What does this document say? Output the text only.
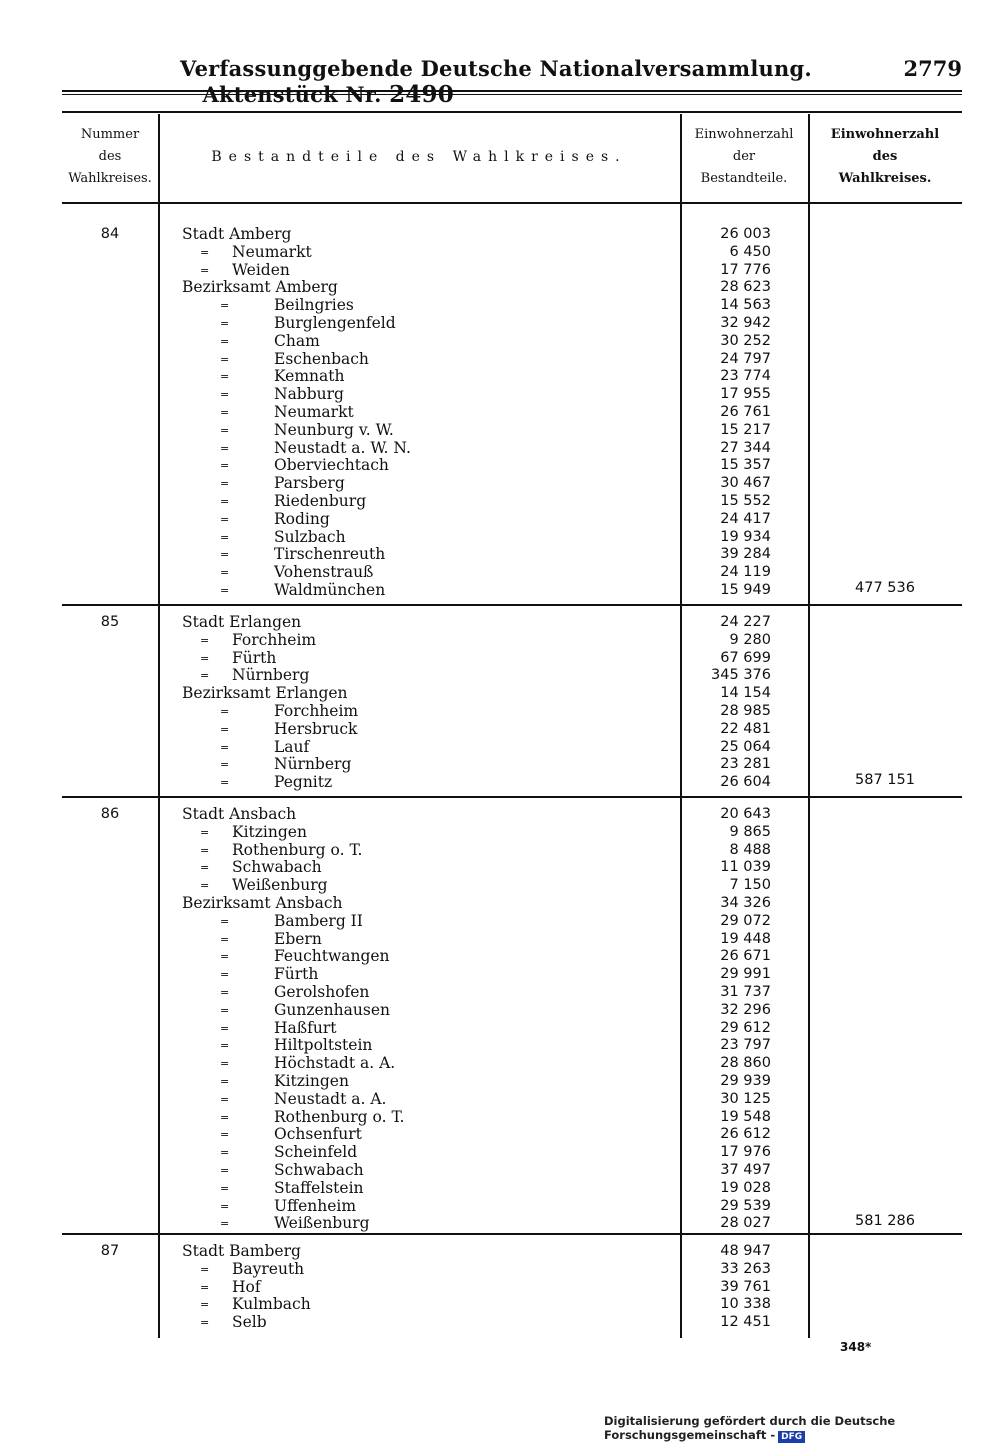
Verfassunggebende Deutsche Nationalversammlung.	2779
Nummer
des
Wahlkreises.
Bestandteile des Wahlkreises.
Einwohnerzahl
der
Bestandteile.
Einwohnerzahl
des
Wahlkreises.
84	Stadt Amberg	26 003
= Neumarkt	6 450
= Weiden	17 776
Bezirksamt Amberg	28 623
=	Beilngries	14 563
=	Burglengenfeld	32 942
=	Cham	30 252
=	Eschenbach	24 797
=	Kemnath	23 774
=	Nabburg	17 955
=	Neumarkt	26 761
=	Neunburg v. W.	15 217
=	Neustadt a. W. N.	27 344
=	Oberviechtach	15 357
=	Parsberg	30 467
=	Riedenburg	15 552
=	Roding	24 417
=	Sulzbach	19 934
=	Tirschenreuth	39 284
=	Vohenstrauß	24 119
=	Waldmünchen	15 949	477 536
85	Stadt Erlangen	24 227
= Forchheim	9 280
= Fürth	67 699
= Nürnberg	345 376
Bezirksamt Erlangen	14 154
=	Forchheim	28 985
=	Hersbruck	22 481
=	Lauf	25 064
=	Nürnberg	23 281
=	Pegnitz	26 604	587 151
86	Stadt Ansbach	20 643
= Kitzingen	9 865
= Rothenburg o. T.	8 488
= Schwabach	11 039
= Weißenburg	7 150
Bezirksamt Ansbach	34 326
=	Bamberg II	29 072
=	Ebern	19 448
=	Feuchtwangen	26 671
=	Fürth	29 991
=	Gerolshofen	31 737
=	Gunzenhausen	32 296
=	Haßfurt	29 612
=	Hiltpoltstein	23 797
=	Höchstadt a. A.	28 860
=	Kitzingen	29 939
=	Neustadt a. A.	30 125
=	Rothenburg o. T.	19 548
=	Ochsenfurt	26 612
=	Scheinfeld	17 976
=	Schwabach	37 497
=	Staffelstein	19 028
=	Uffenheim	29 539
=	Weißenburg	28 027	581 286
87	Stadt Bamberg	48 947
= Bayreuth	33 263
= Hof	39 761
= Kulmbach	10 338
= Selb	12 451
348*
Digitalisierung gefördert durch die Deutsche Forschungsgemeinschaft - DFG
